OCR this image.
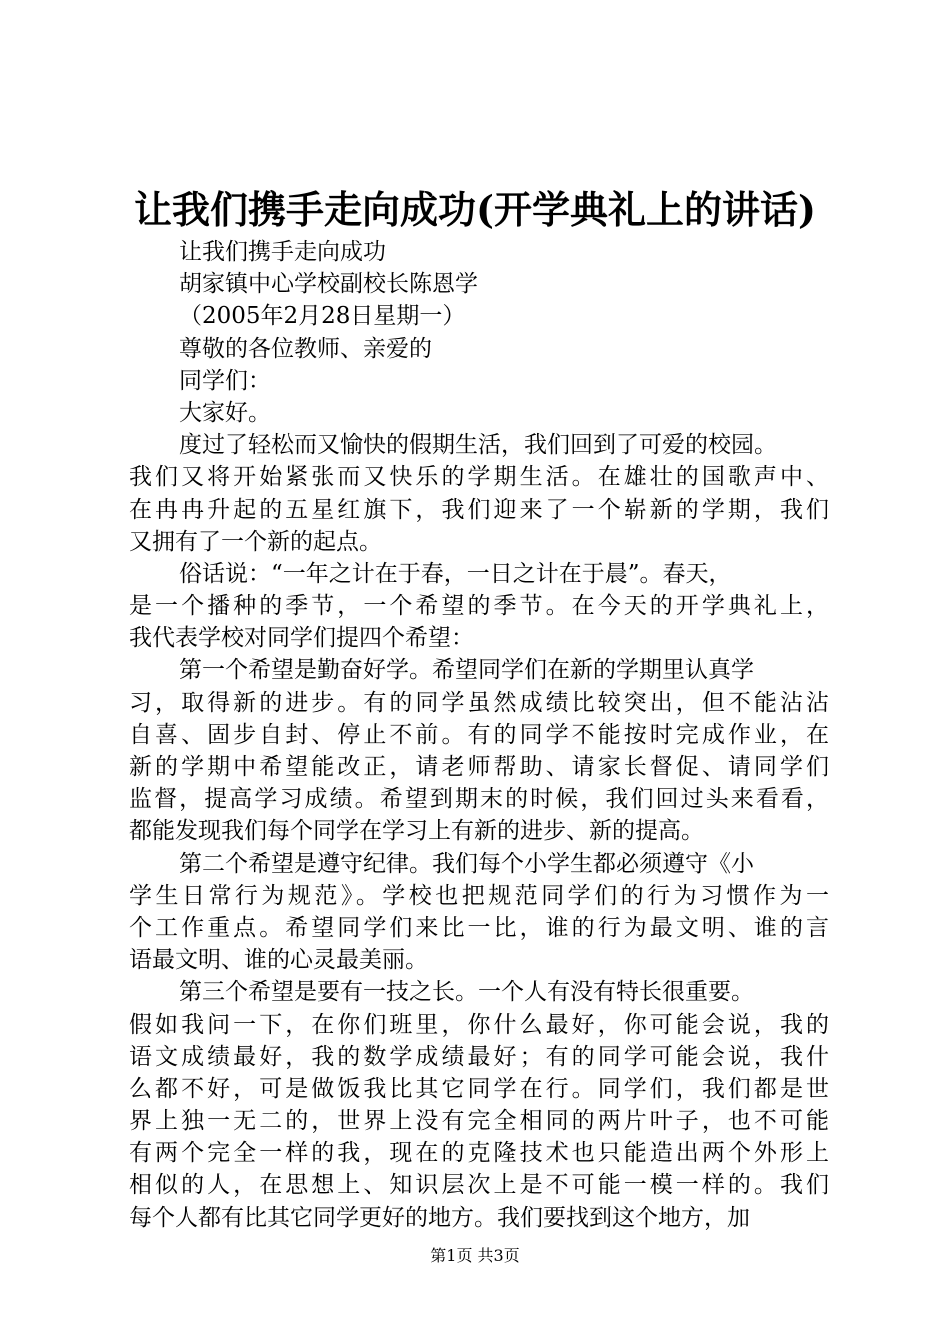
让我们携手走向成功(开学典礼上的讲话)
让我们携手走向成功
胡家镇中心学校副校长陈恩学
（2005年2月28日星期一）
尊敬的各位教师、亲爱的
同学们：
大家好。
度过了轻松而又愉快的假期生活，我们回到了可爱的校园。
我们又将开始紧张而又快乐的学期生活。在雄壮的国歌声中、
在冉冉升起的五星红旗下，我们迎来了一个崭新的学期，我们
又拥有了一个新的起点。
俗话说：“一年之计在于春，一日之计在于晨”。春天，
是一个播种的季节，一个希望的季节。在今天的开学典礼上，
我代表学校对同学们提四个希望：
第一个希望是勤奋好学。希望同学们在新的学期里认真学
习，取得新的进步。有的同学虽然成绩比较突出，但不能沾沾
自喜、固步自封、停止不前。有的同学不能按时完成作业，在
新的学期中希望能改正，请老师帮助、请家长督促、请同学们
监督，提高学习成绩。希望到期末的时候，我们回过头来看看，
都能发现我们每个同学在学习上有新的进步、新的提高。
第二个希望是遵守纪律。我们每个小学生都必须遵守《小
学生日常行为规范》。学校也把规范同学们的行为习惯作为一
个工作重点。希望同学们来比一比，谁的行为最文明、谁的言
语最文明、谁的心灵最美丽。
第三个希望是要有一技之长。一个人有没有特长很重要。
假如我问一下，在你们班里，你什么最好，你可能会说，我的
语文成绩最好，我的数学成绩最好；有的同学可能会说，我什
么都不好，可是做饭我比其它同学在行。同学们，我们都是世
界上独一无二的，世界上没有完全相同的两片叶子，也不可能
有两个完全一样的我，现在的克隆技术也只能造出两个外形上
相似的人，在思想上、知识层次上是不可能一模一样的。我们
每个人都有比其它同学更好的地方。我们要找到这个地方，加
第1页 共3页
